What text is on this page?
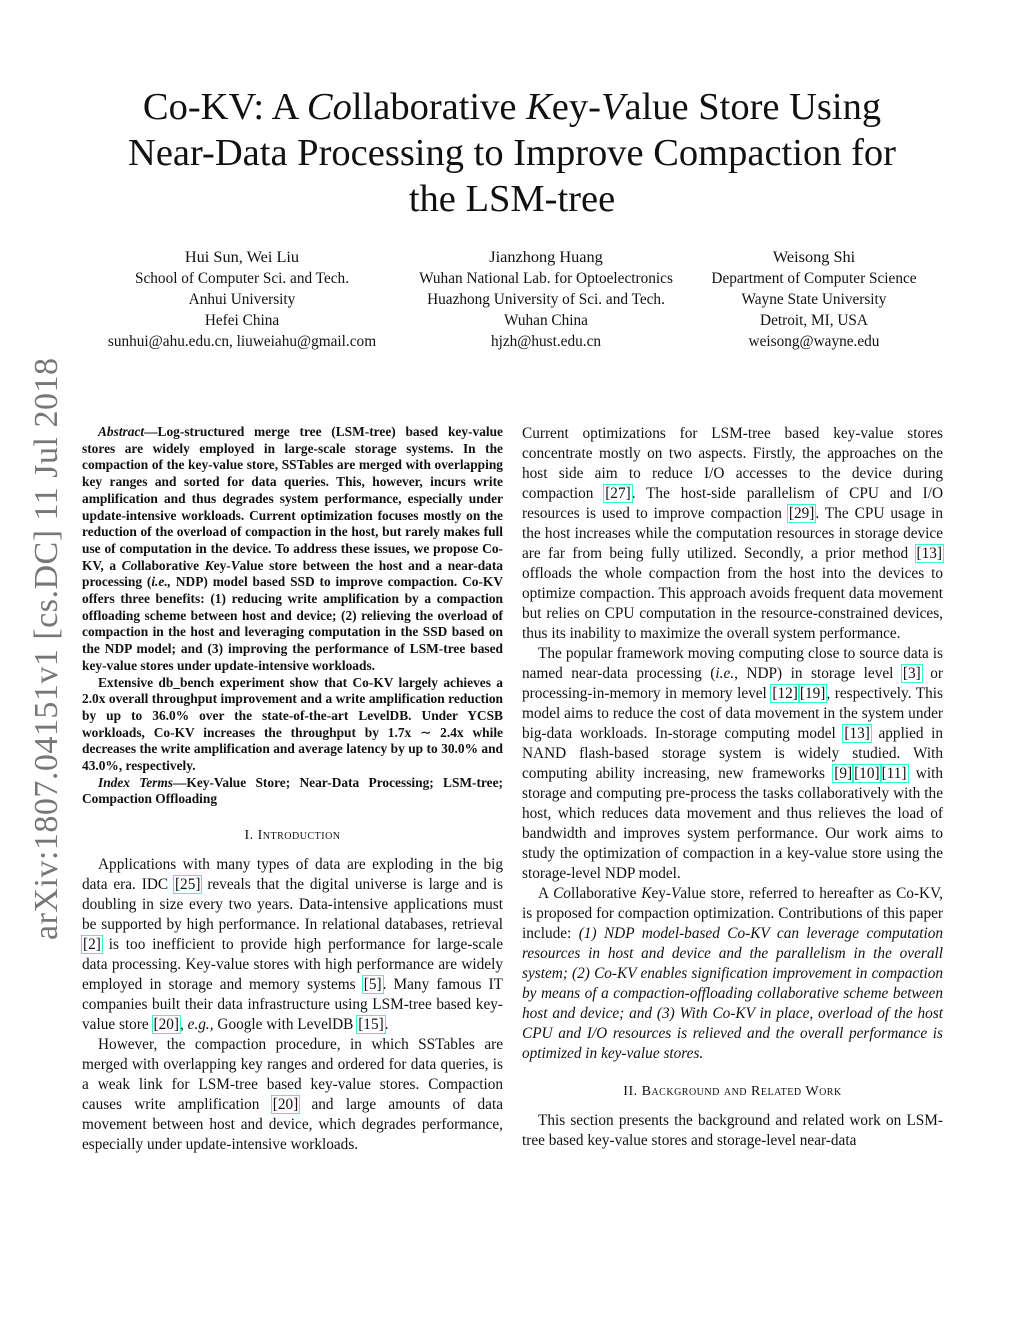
arXiv:1807.04151v1 [cs.DC] 11 Jul 2018
Co-KV: A Collaborative Key-Value Store Using
Near-Data Processing to Improve Compaction for
the LSM-tree
Hui Sun, Wei Liu
School of Computer Sci. and Tech.
Anhui University
Hefei China
sunhui@ahu.edu.cn, liuweiahu@gmail.com
Jianzhong Huang
Wuhan National Lab. for Optoelectronics
Huazhong University of Sci. and Tech.
Wuhan China
hjzh@hust.edu.cn
Weisong Shi
Department of Computer Science
Wayne State University
Detroit, MI, USA
weisong@wayne.edu

Abstract—Log-structured merge tree (LSM-tree) based key-value stores are widely employed in large-scale storage systems. In the compaction of the key-value store, SSTables are merged with overlapping key ranges and sorted for data queries. This, however, incurs write amplification and thus degrades system performance, especially under update-intensive workloads. Current optimization focuses mostly on the reduction of the overload of compaction in the host, but rarely makes full use of computation in the device. To address these issues, we propose Co-KV, a Collaborative Key-Value store between the host and a near-data processing (i.e., NDP) model based SSD to improve compaction. Co-KV offers three benefits: (1) reducing write amplification by a compaction offloading scheme between host and device; (2) relieving the overload of compaction in the host and leveraging computation in the SSD based on the NDP model; and (3) improving the performance of LSM-tree based key-value stores under update-intensive workloads.

Extensive db_bench experiment show that Co-KV largely achieves a 2.0x overall throughput improvement and a write amplification reduction by up to 36.0% over the state-of-the-art LevelDB. Under YCSB workloads, Co-KV increases the throughput by 1.7x ∼ 2.4x while decreases the write amplification and average latency by up to 30.0% and 43.0%, respectively.

Index Terms—Key-Value Store; Near-Data Processing; LSM-tree; Compaction Offloading

I. Introduction

Applications with many types of data are exploding in the big data era. IDC [25] reveals that the digital universe is large and is doubling in size every two years. Data-intensive applications must be supported by high performance. In relational databases, retrieval [2] is too inefficient to provide high performance for large-scale data processing. Key-value stores with high performance are widely employed in storage and memory systems [5]. Many famous IT companies built their data infrastructure using LSM-tree based key-value store [20], e.g., Google with LevelDB [15].

However, the compaction procedure, in which SSTables are merged with overlapping key ranges and ordered for data queries, is a weak link for LSM-tree based key-value stores. Compaction causes write amplification [20] and large amounts of data movement between host and device, which degrades performance, especially under update-intensive workloads.

Current optimizations for LSM-tree based key-value stores concentrate mostly on two aspects. Firstly, the approaches on the host side aim to reduce I/O accesses to the device during compaction [27]. The host-side parallelism of CPU and I/O resources is used to improve compaction [29]. The CPU usage in the host increases while the computation resources in storage device are far from being fully utilized. Secondly, a prior method [13] offloads the whole compaction from the host into the devices to optimize compaction. This approach avoids frequent data movement but relies on CPU computation in the resource-constrained devices, thus its inability to maximize the overall system performance.

The popular framework moving computing close to source data is named near-data processing (i.e., NDP) in storage level [3] or processing-in-memory in memory level [12] [19], respectively. This model aims to reduce the cost of data movement in the system under big-data workloads. In-storage computing model [13] applied in NAND flash-based storage system is widely studied. With computing ability increasing, new frameworks [9] [10] [11] with storage and computing pre-process the tasks collaboratively with the host, which reduces data movement and thus relieves the load of bandwidth and improves system performance. Our work aims to study the optimization of compaction in a key-value store using the storage-level NDP model.

A Collaborative Key-Value store, referred to hereafter as Co-KV, is proposed for compaction optimization. Contributions of this paper include: (1) NDP model-based Co-KV can leverage computation resources in host and device and the parallelism in the overall system; (2) Co-KV enables signification improvement in compaction by means of a compaction-offloading collaborative scheme between host and device; and (3) With Co-KV in place, overload of the host CPU and I/O resources is relieved and the overall performance is optimized in key-value stores.

II. Background and Related Work

This section presents the background and related work on LSM-tree based key-value stores and storage-level near-data
